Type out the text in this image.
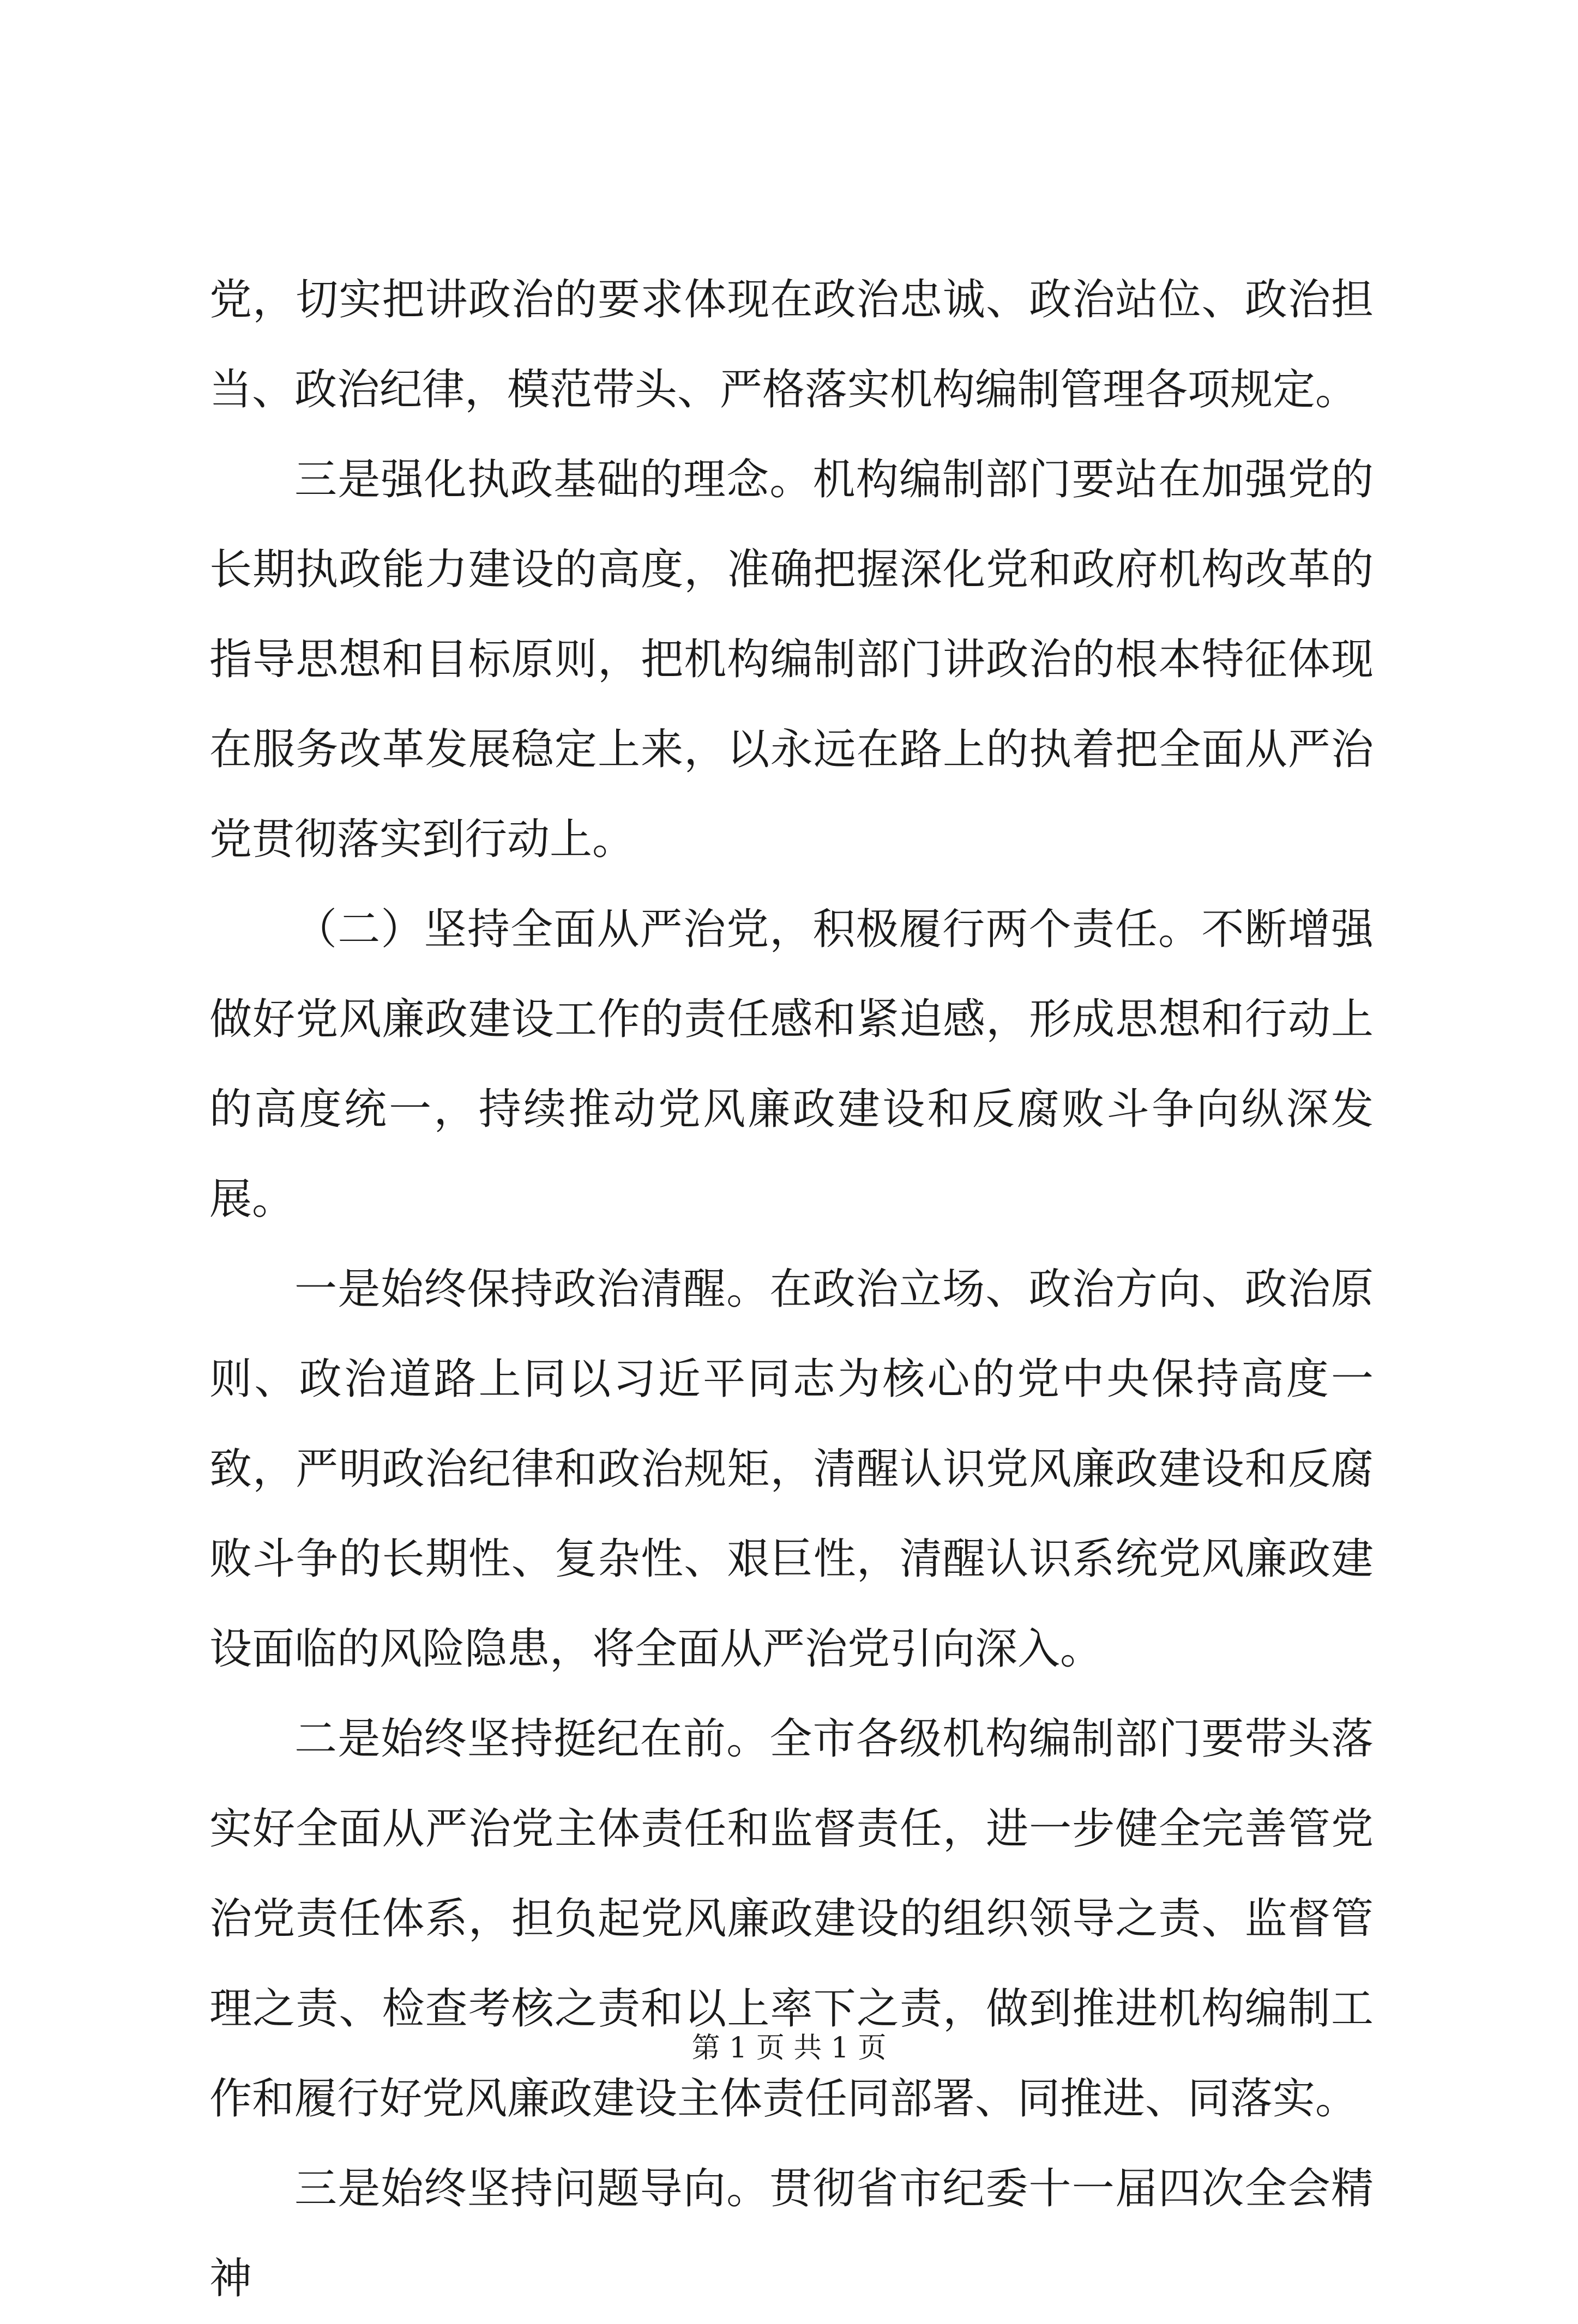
党，切实把讲政治的要求体现在政治忠诚、政治站位、政治担当、政治纪律，模范带头、严格落实机构编制管理各项规定。

三是强化执政基础的理念。机构编制部门要站在加强党的长期执政能力建设的高度，准确把握深化党和政府机构改革的指导思想和目标原则，把机构编制部门讲政治的根本特征体现在服务改革发展稳定上来，以永远在路上的执着把全面从严治党贯彻落实到行动上。

（二）坚持全面从严治党，积极履行两个责任。不断增强做好党风廉政建设工作的责任感和紧迫感，形成思想和行动上的高度统一，持续推动党风廉政建设和反腐败斗争向纵深发展。

一是始终保持政治清醒。在政治立场、政治方向、政治原则、政治道路上同以习近平同志为核心的党中央保持高度一致，严明政治纪律和政治规矩，清醒认识党风廉政建设和反腐败斗争的长期性、复杂性、艰巨性，清醒认识系统党风廉政建设面临的风险隐患，将全面从严治党引向深入。

二是始终坚持挺纪在前。全市各级机构编制部门要带头落实好全面从严治党主体责任和监督责任，进一步健全完善管党治党责任体系，担负起党风廉政建设的组织领导之责、监督管理之责、检查考核之责和以上率下之责，做到推进机构编制工作和履行好党风廉政建设主体责任同部署、同推进、同落实。

三是始终坚持问题导向。贯彻省市纪委十一届四次全会精神

第 1 页 共 1 页
